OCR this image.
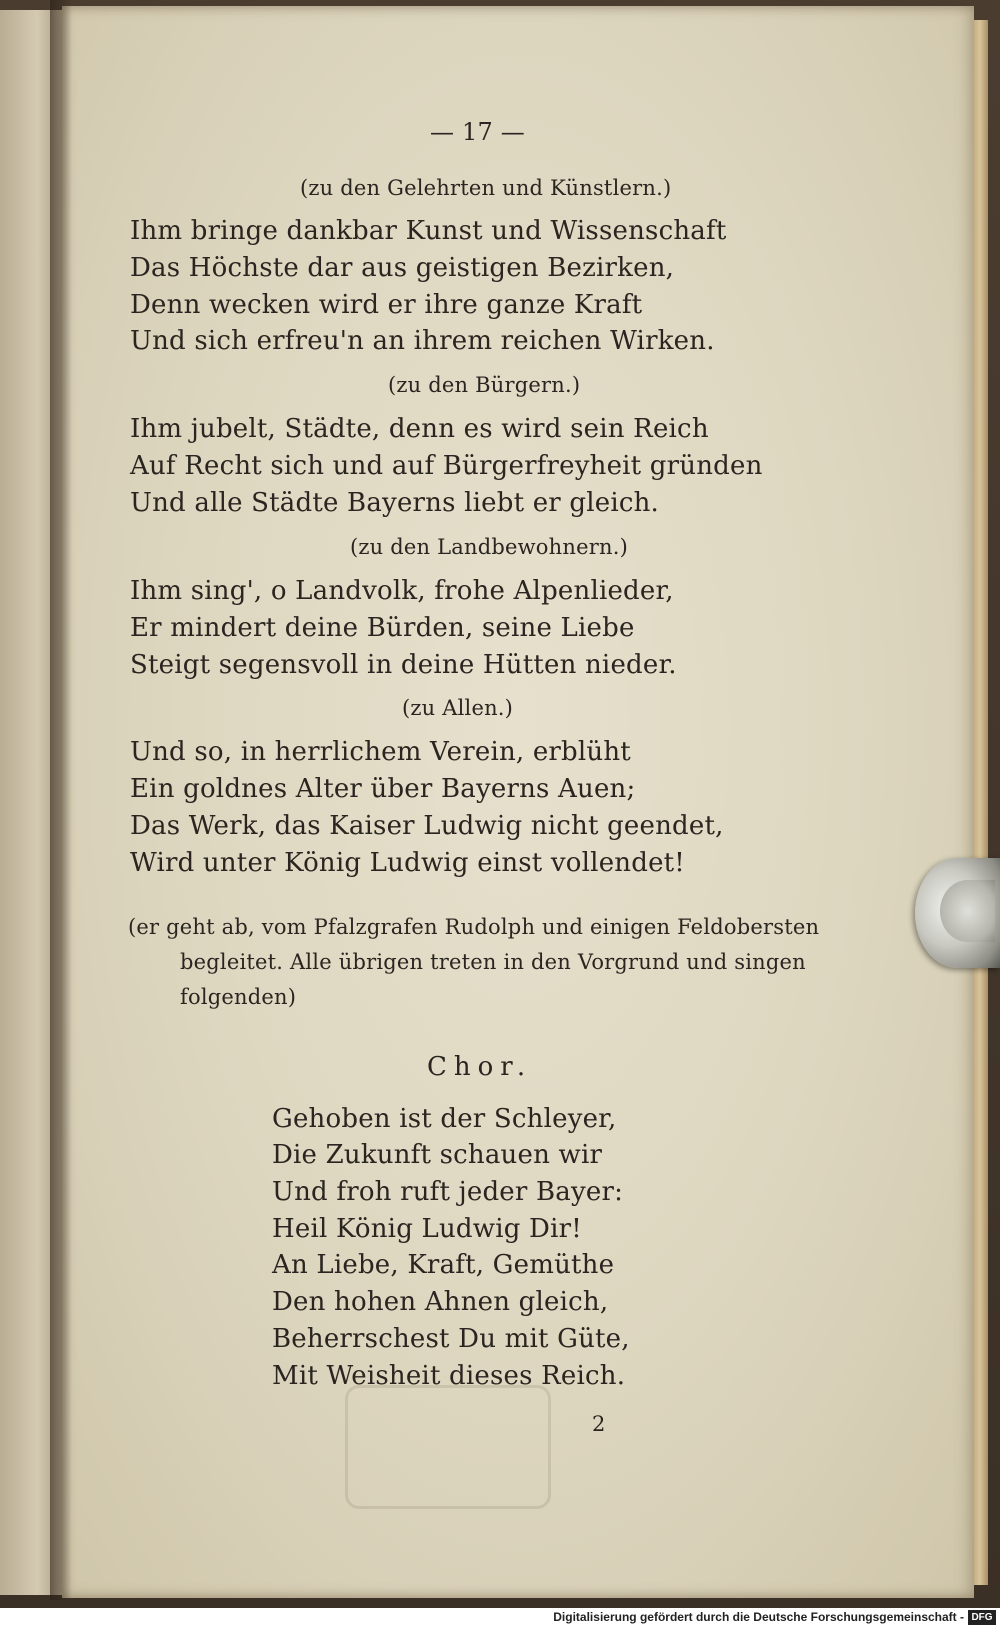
— 17 —
(zu den Gelehrten und Künstlern.)
Ihm bringe dankbar Kunst und Wissenschaft
Das Höchste dar aus geistigen Bezirken,
Denn wecken wird er ihre ganze Kraft
Und sich erfreu'n an ihrem reichen Wirken.
(zu den Bürgern.)
Ihm jubelt, Städte, denn es wird sein Reich
Auf Recht sich und auf Bürgerfreyheit gründen
Und alle Städte Bayerns liebt er gleich.
(zu den Landbewohnern.)
Ihm sing', o Landvolk, frohe Alpenlieder,
Er mindert deine Bürden, seine Liebe
Steigt segensvoll in deine Hütten nieder.
(zu Allen.)
Und so, in herrlichem Verein, erblüht
Ein goldnes Alter über Bayerns Auen;
Das Werk, das Kaiser Ludwig nicht geendet,
Wird unter König Ludwig einst vollendet!
(er geht ab, vom Pfalzgrafen Rudolph und einigen Feldobersten
begleitet. Alle übrigen treten in den Vorgrund und singen
folgenden)
Chor.
Gehoben ist der Schleyer,
Die Zukunft schauen wir
Und froh ruft jeder Bayer:
Heil König Ludwig Dir!
An Liebe, Kraft, Gemüthe
Den hohen Ahnen gleich,
Beherrschest Du mit Güte,
Mit Weisheit dieses Reich.
2
Digitalisierung gefördert durch die Deutsche Forschungsgemeinschaft - DFG
